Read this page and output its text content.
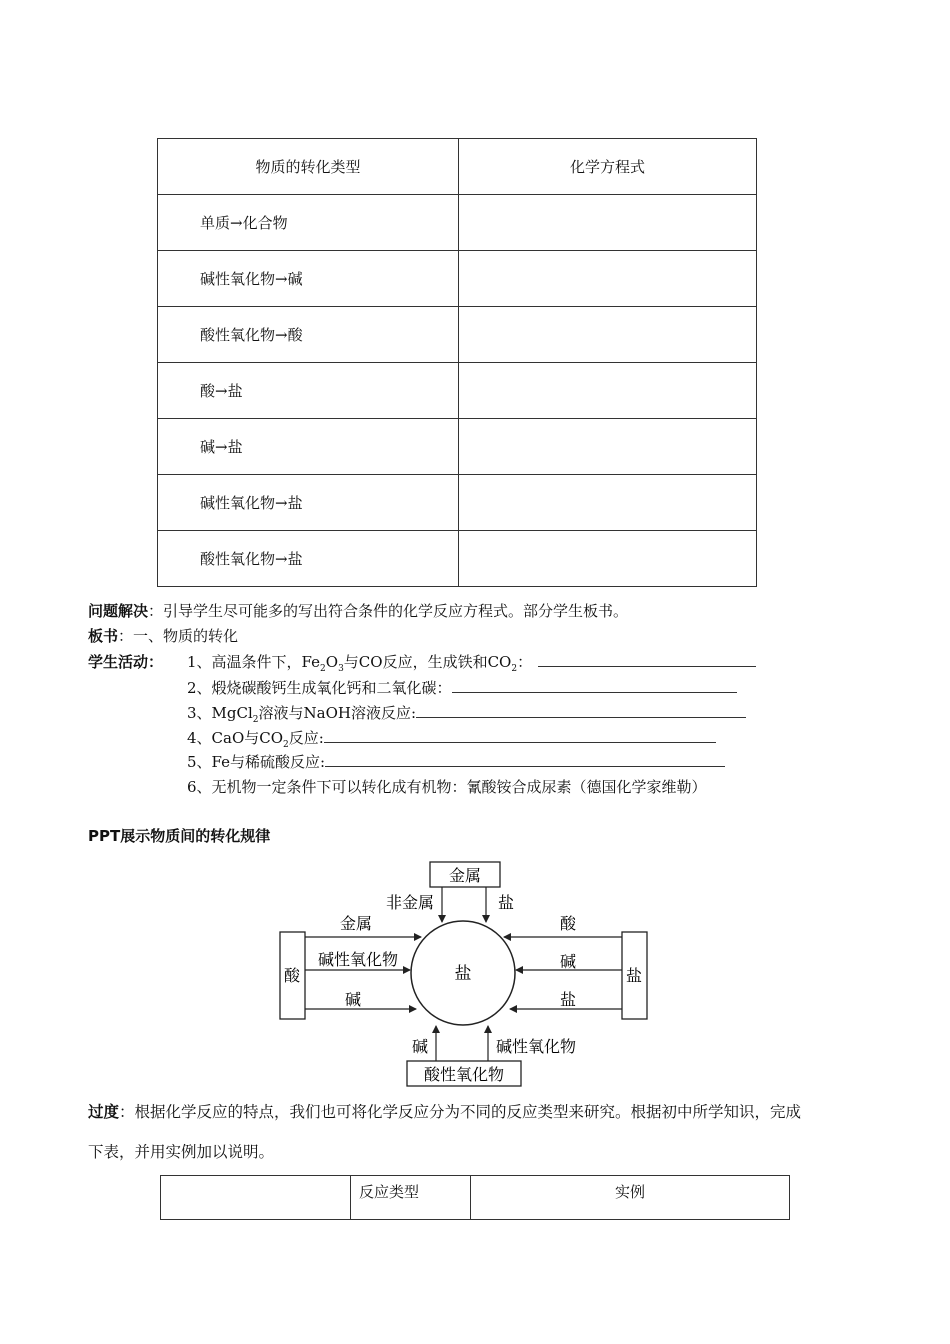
物质的转化类型	化学方程式
单质→化合物	
碱性氧化物→碱	
酸性氧化物→酸	
酸→盐	
碱→盐	
碱性氧化物→盐	
酸性氧化物→盐	
问题解决：引导学生尽可能多的写出符合条件的化学反应方程式。部分学生板书。
板书：一、物质的转化
学生活动： 1、高温条件下，$Fe_2O_3$与CO反应，生成铁和$CO_2$：
2、煅烧碳酸钙生成氧化钙和二氧化碳：
3、MgCl$_2$溶液与NaOH溶液反应:
4、CaO与$CO_2$反应:
5、Fe与稀硫酸反应:
6、无机物一定条件下可以转化成有机物：氰酸铵合成尿素（德国化学家维勒）
PPT展示物质间的转化规律
盐
金属
酸性氧化物
酸	盐
非金属	盐
碱	碱性氧化物
金属
碱性氧化物
碱
酸
碱
盐
过度：根据化学反应的特点，我们也可将化学反应分为不同的反应类型来研究。根据初中所学知识，完成
下表，并用实例加以说明。
	反应类型	实例
